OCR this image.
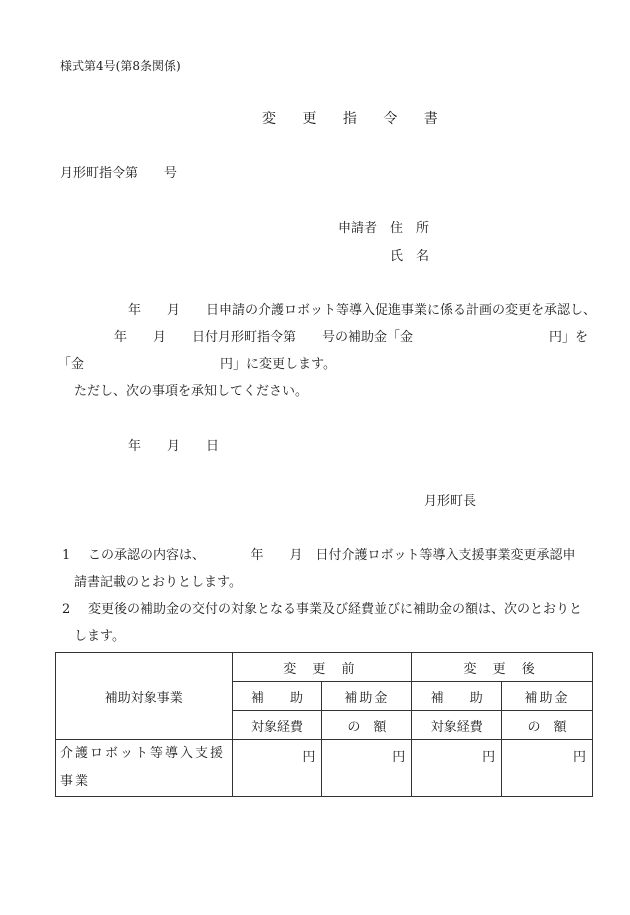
様式第4号(第8条関係)
変 更 指 令 書
月形町指令第　　号
申請者　住　所
氏　名
年　　月　　日申請の介護ロボット等導入促進事業に係る計画の変更を承認し、
年　　月　　日付月形町指令第　　号の補助金「金	円」を
「金	円」に変更します。
ただし、次の事項を承知してください。
年　　月　　日
月形町長
1 この承認の内容は、　　　　年　　月　日付介護ロボット等導入支援事業変更承認申
請書記載のとおりとします。
2 変更後の補助金の交付の対象となる事業及び経費並びに補助金の額は、次のとおりと
します。
補助対象事業	変 更 前		変 更 後	
	補　　助	補助金	補　　助	補助金
	対象経費	の　額	対象経費	の　額

介護ロボット等導入支援
事業	円	円	円	円
